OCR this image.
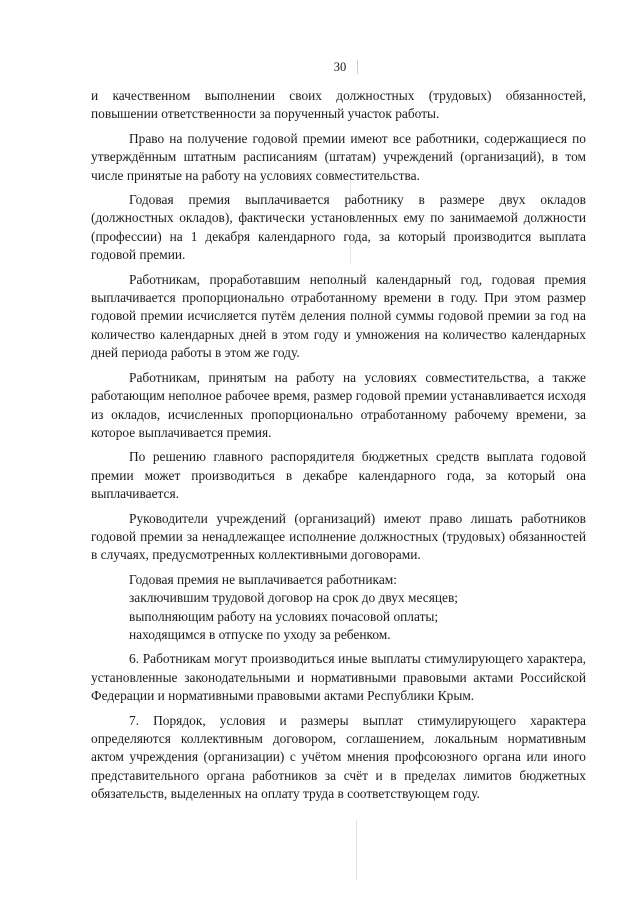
30

и качественном выполнении своих должностных (трудовых) обязанностей, повышении ответственности за порученный участок работы.

Право на получение годовой премии имеют все работники, содержащиеся по утверждённым штатным расписаниям (штатам) учреждений (организаций), в том числе принятые на работу на условиях совместительства.

Годовая премия выплачивается работнику в размере двух окладов (должностных окладов), фактически установленных ему по занимаемой должности (профессии) на 1 декабря календарного года, за который производится выплата годовой премии.

Работникам, проработавшим неполный календарный год, годовая премия выплачивается пропорционально отработанному времени в году. При этом размер годовой премии исчисляется путём деления полной суммы годовой премии за год на количество календарных дней в этом году и умножения на количество календарных дней периода работы в этом же году.

Работникам, принятым на работу на условиях совместительства, а также работающим неполное рабочее время, размер годовой премии устанавливается исходя из окладов, исчисленных пропорционально отработанному рабочему времени, за которое выплачивается премия.

По решению главного распорядителя бюджетных средств выплата годовой премии может производиться в декабре календарного года, за который она выплачивается.

Руководители учреждений (организаций) имеют право лишать работников годовой премии за ненадлежащее исполнение должностных (трудовых) обязанностей в случаях, предусмотренных коллективными договорами.

Годовая премия не выплачивается работникам:

заключившим трудовой договор на срок до двух месяцев;
выполняющим работу на условиях почасовой оплаты;
находящимся в отпуске по уходу за ребенком.

6. Работникам могут производиться иные выплаты стимулирующего характера, установленные законодательными и нормативными правовыми актами Российской Федерации и нормативными правовыми актами Республики Крым.

7. Порядок, условия и размеры выплат стимулирующего характера определяются коллективным договором, соглашением, локальным нормативным актом учреждения (организации) с учётом мнения профсоюзного органа или иного представительного органа работников за счёт и в пределах лимитов бюджетных обязательств, выделенных на оплату труда в соответствующем году.
